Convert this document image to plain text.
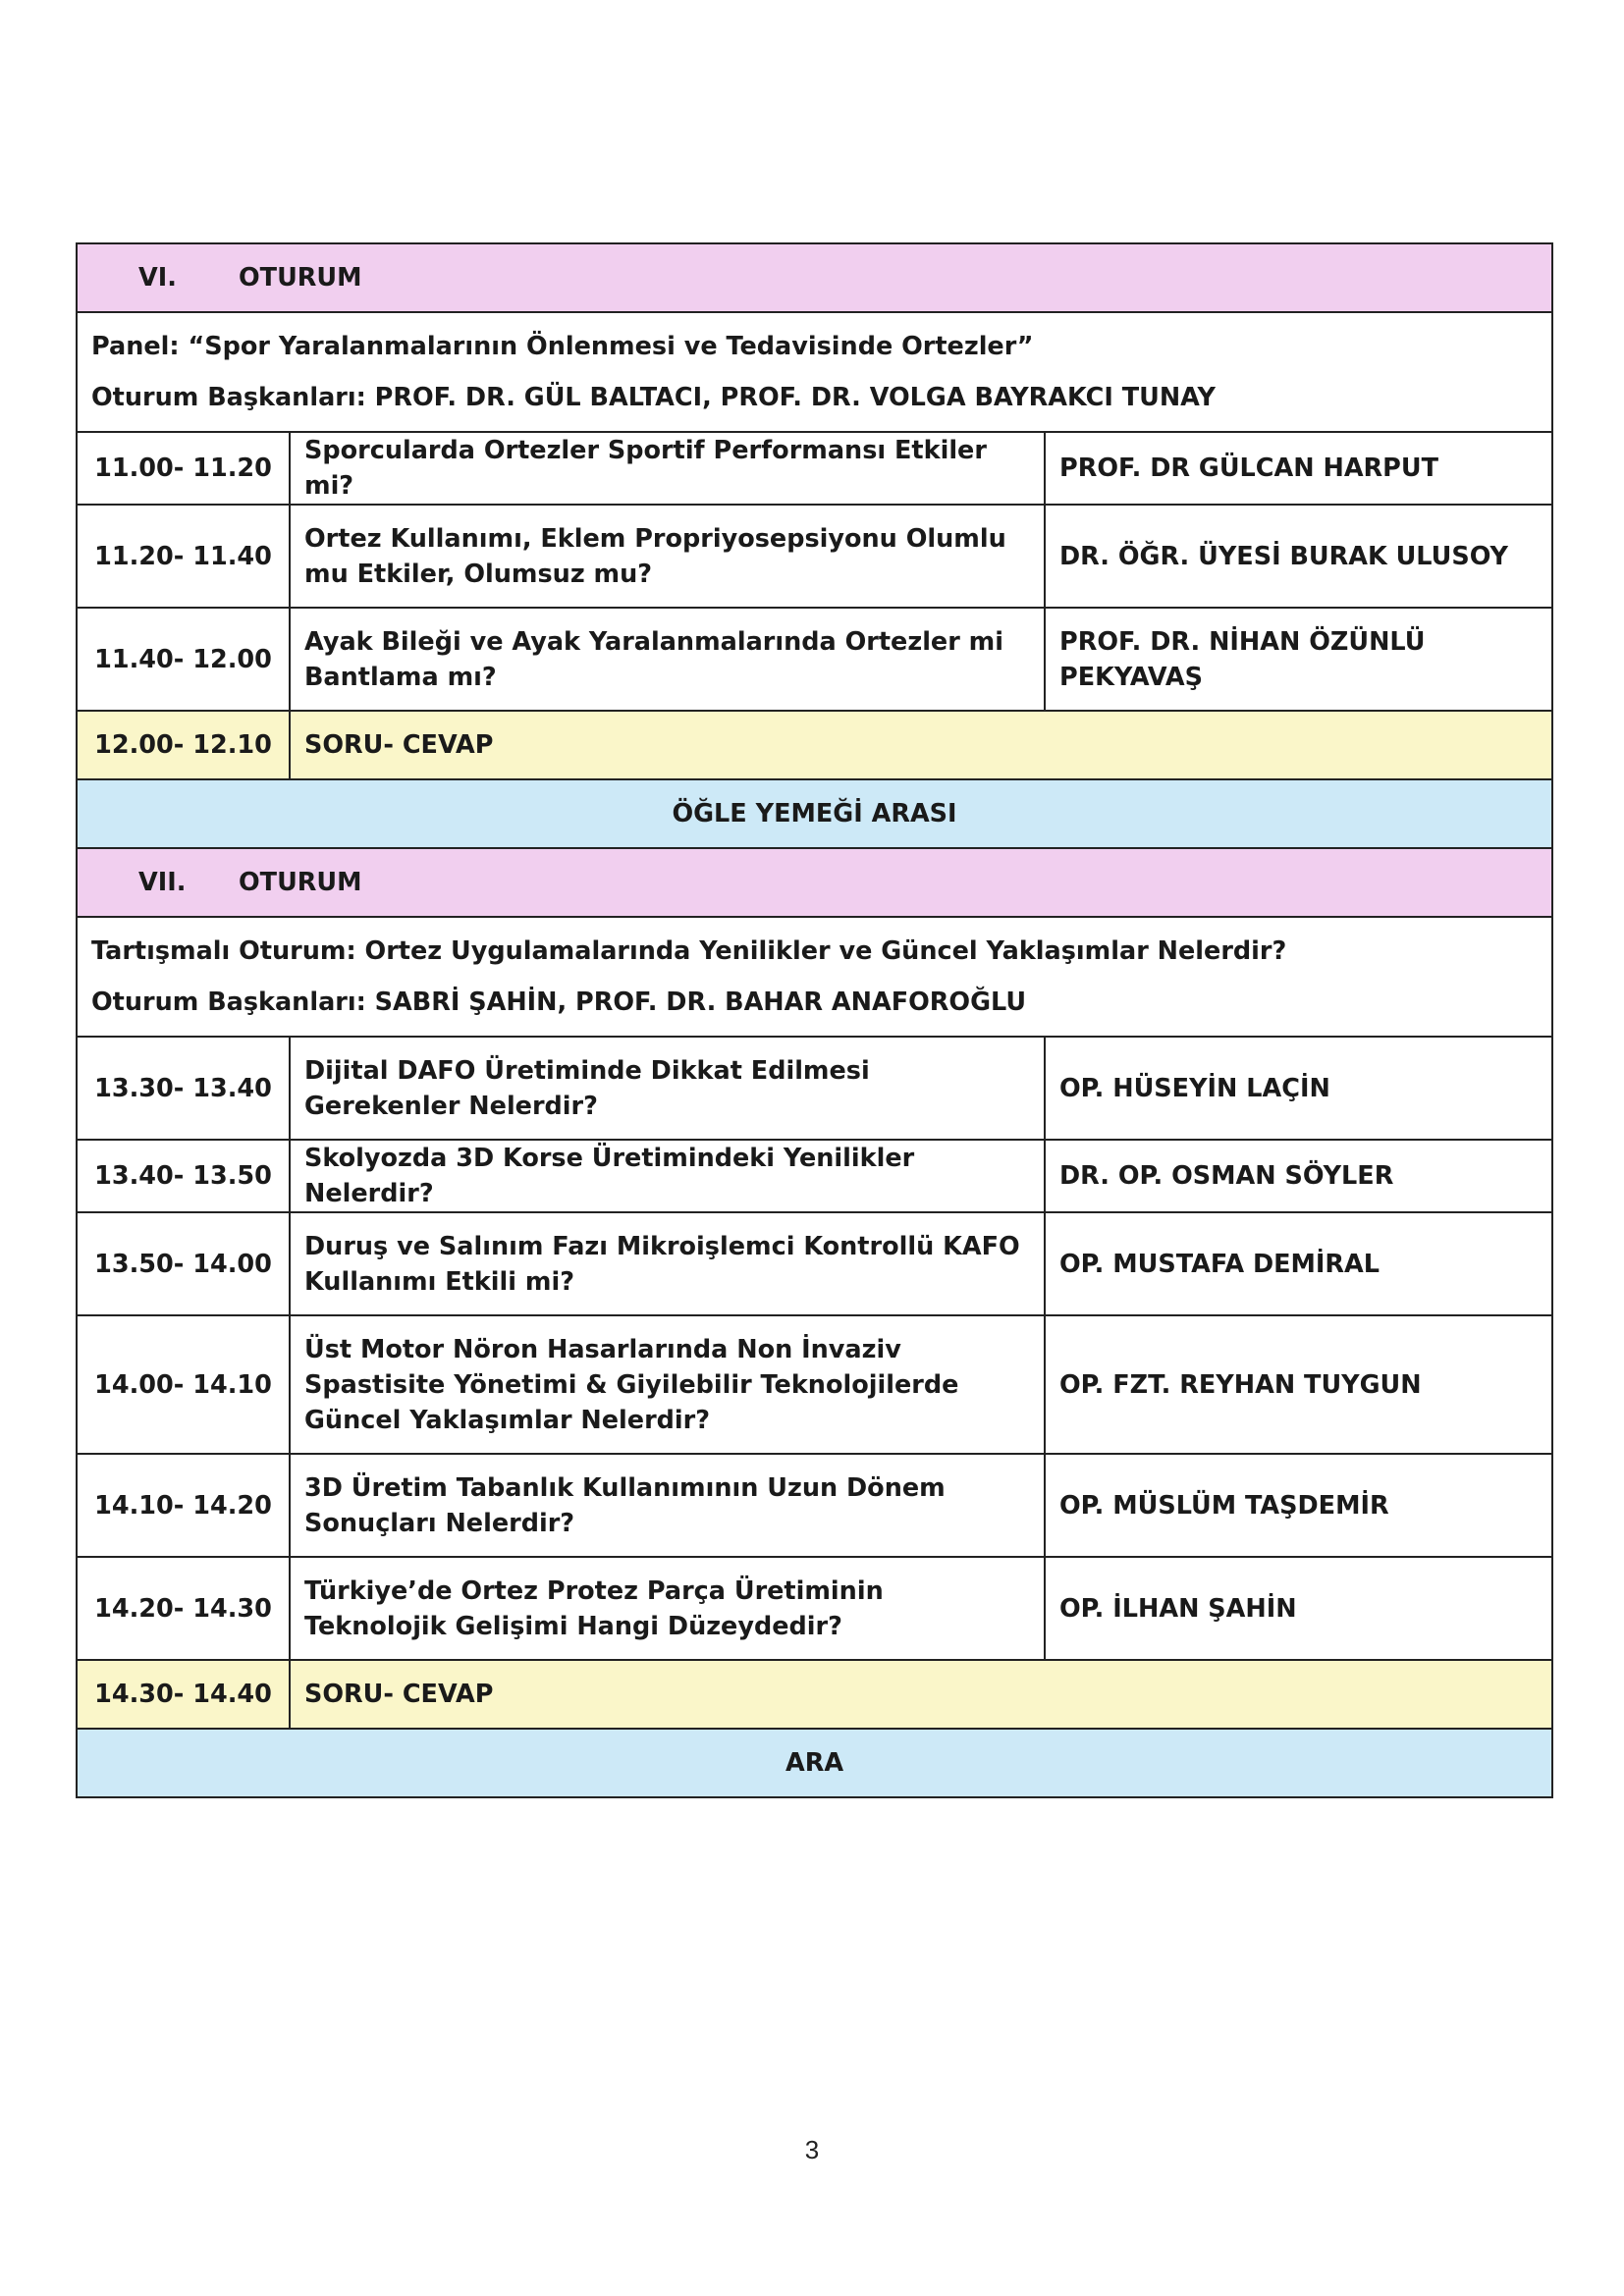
VI. OTURUM		

Panel: “Spor Yaralanmalarının Önlenmesi ve Tedavisinde Ortezler”
Oturum Başkanları: PROF. DR. GÜL BALTACI, PROF. DR. VOLGA BAYRAKCI TUNAY		

11.00- 11.20	Sporcularda Ortezler Sportif Performansı Etkiler mi?	PROF. DR GÜLCAN HARPUT
11.20- 11.40	Ortez Kullanımı, Eklem Propriyosepsiyonu Olumlu mu Etkiler, Olumsuz mu?	DR. ÖĞR. ÜYESİ BURAK ULUSOY
11.40- 12.00	Ayak Bileği ve Ayak Yaralanmalarında Ortezler mi Bantlama mı?	PROF. DR. NİHAN ÖZÜNLÜ PEKYAVAŞ
12.00- 12.10	SORU- CEVAP	
ÖĞLE YEMEĞİ ARASI		
VII. OTURUM		

Tartışmalı Oturum: Ortez Uygulamalarında Yenilikler ve Güncel Yaklaşımlar Nelerdir?
Oturum Başkanları: SABRİ ŞAHİN, PROF. DR. BAHAR ANAFOROĞLU		

13.30- 13.40	Dijital DAFO Üretiminde Dikkat Edilmesi Gerekenler Nelerdir?	OP. HÜSEYİN LAÇİN
13.40- 13.50	Skolyozda 3D Korse Üretimindeki Yenilikler Nelerdir?	DR. OP. OSMAN SÖYLER
13.50- 14.00	Duruş ve Salınım Fazı Mikroişlemci Kontrollü KAFO Kullanımı Etkili mi?	OP. MUSTAFA DEMİRAL
14.00- 14.10	Üst Motor Nöron Hasarlarında Non İnvaziv Spastisite Yönetimi & Giyilebilir Teknolojilerde Güncel Yaklaşımlar Nelerdir?	OP. FZT. REYHAN TUYGUN
14.10- 14.20	3D Üretim Tabanlık Kullanımının Uzun Dönem Sonuçları Nelerdir?	OP. MÜSLÜM TAŞDEMİR
14.20- 14.30	Türkiye’de Ortez Protez Parça Üretiminin Teknolojik Gelişimi Hangi Düzeydedir?	OP. İLHAN ŞAHİN
14.30- 14.40	SORU- CEVAP	
ARA		
3
